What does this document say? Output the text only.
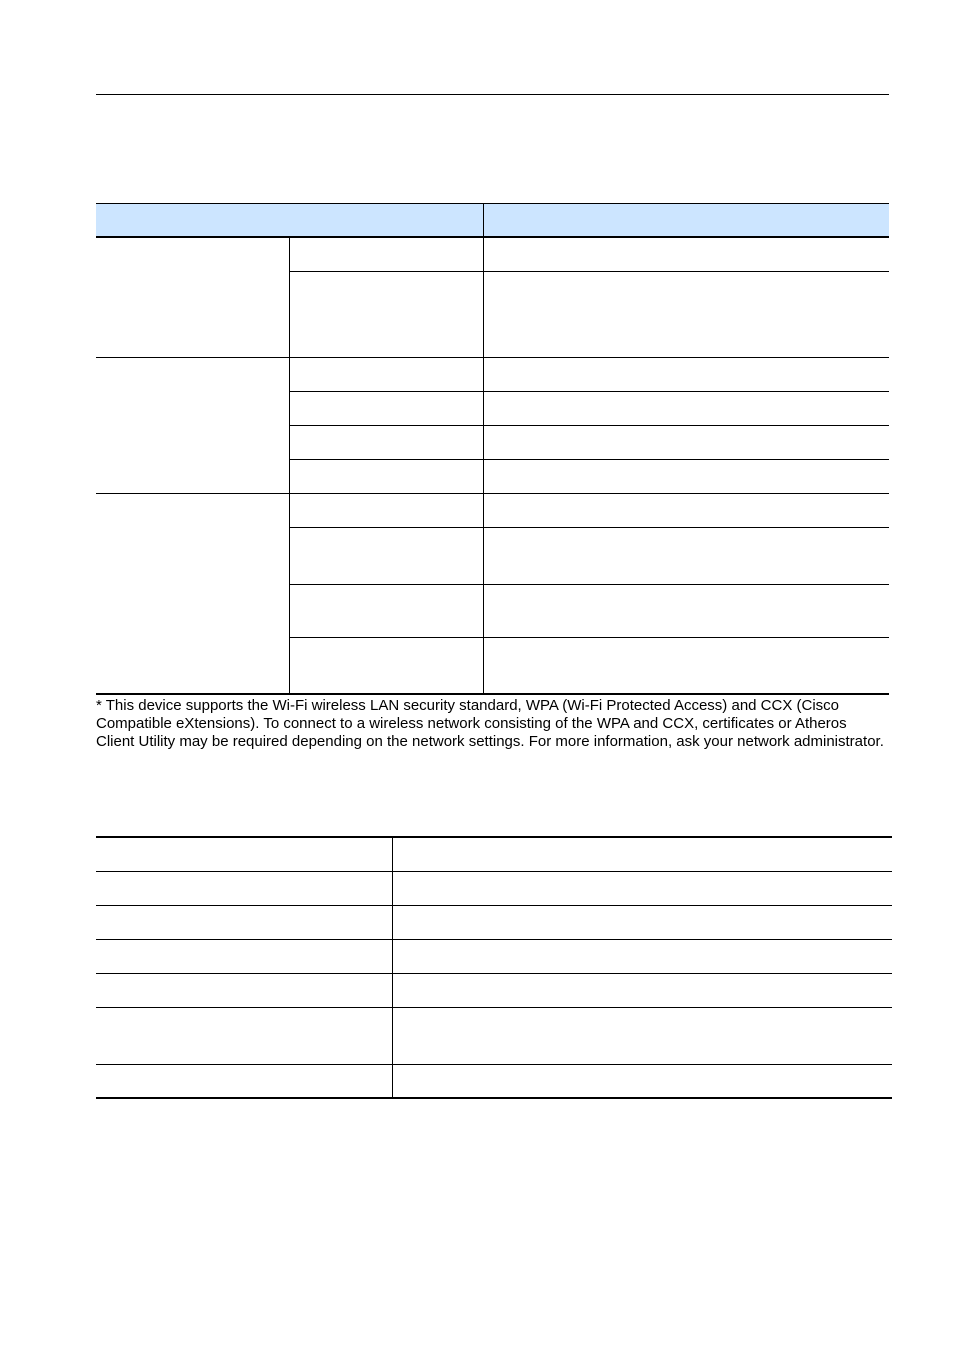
* This device supports the Wi-Fi wireless LAN security standard, WPA (Wi-Fi Protected Access) and CCX (Cisco Compatible eXtensions). To connect to a wireless network consisting of the WPA and CCX, certificates or Atheros Client Utility may be required depending on the network settings. For more information, ask your network administrator.
